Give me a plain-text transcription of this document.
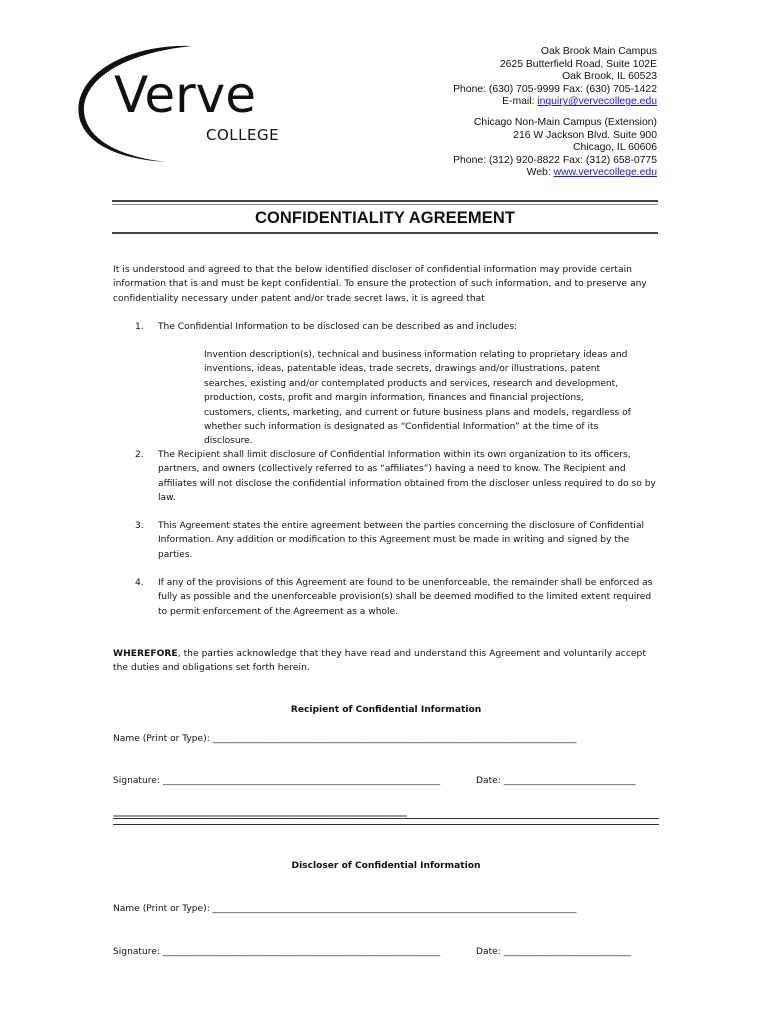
Verve
COLLEGE
Oak Brook Main Campus
2625 Butterfield Road, Suite 102E
Oak Brook, IL 60523
Phone: (630) 705-9999 Fax: (630) 705-1422
E-mail: inquiry@vervecollege.edu
Chicago Non-Main Campus (Extension)
216 W Jackson Blvd. Suite 900
Chicago, IL 60606
Phone: (312) 920-8822 Fax: (312) 658-0775
Web: www.vervecollege.edu
CONFIDENTIALITY AGREEMENT
It is understood and agreed to that the below identified discloser of confidential information may provide certain information that is and must be kept confidential. To ensure the protection of such information, and to preserve any confidentiality necessary under patent and/or trade secret laws, it is agreed that
1. The Confidential Information to be disclosed can be described as and includes:
Invention description(s), technical and business information relating to proprietary ideas and inventions, ideas, patentable ideas, trade secrets, drawings and/or illustrations, patent searches, existing and/or contemplated products and services, research and development, production, costs, profit and margin information, finances and financial projections, customers, clients, marketing, and current or future business plans and models, regardless of whether such information is designated as “Confidential Information” at the time of its disclosure.
2. The Recipient shall limit disclosure of Confidential Information within its own organization to its officers, partners, and owners (collectively referred to as “affiliates”) having a need to know. The Recipient and affiliates will not disclose the confidential information obtained from the discloser unless required to do so by law.
3. This Agreement states the entire agreement between the parties concerning the disclosure of Confidential Information. Any addition or modification to this Agreement must be made in writing and signed by the parties.
4. If any of the provisions of this Agreement are found to be unenforceable, the remainder shall be enforced as fully as possible and the unenforceable provision(s) shall be deemed modified to the limited extent required to permit enforcement of the Agreement as a whole.
WHEREFORE, the parties acknowledge that they have read and understand this Agreement and voluntarily accept the duties and obligations set forth herein.
Recipient of Confidential Information
Name (Print or Type): ________________________________________________________________________________
Signature: _____________________________________________________________	Date: _____________________________
=================================================================================================
Discloser of Confidential Information
Name (Print or Type): ________________________________________________________________________________
Signature: _____________________________________________________________	Date: ____________________________
